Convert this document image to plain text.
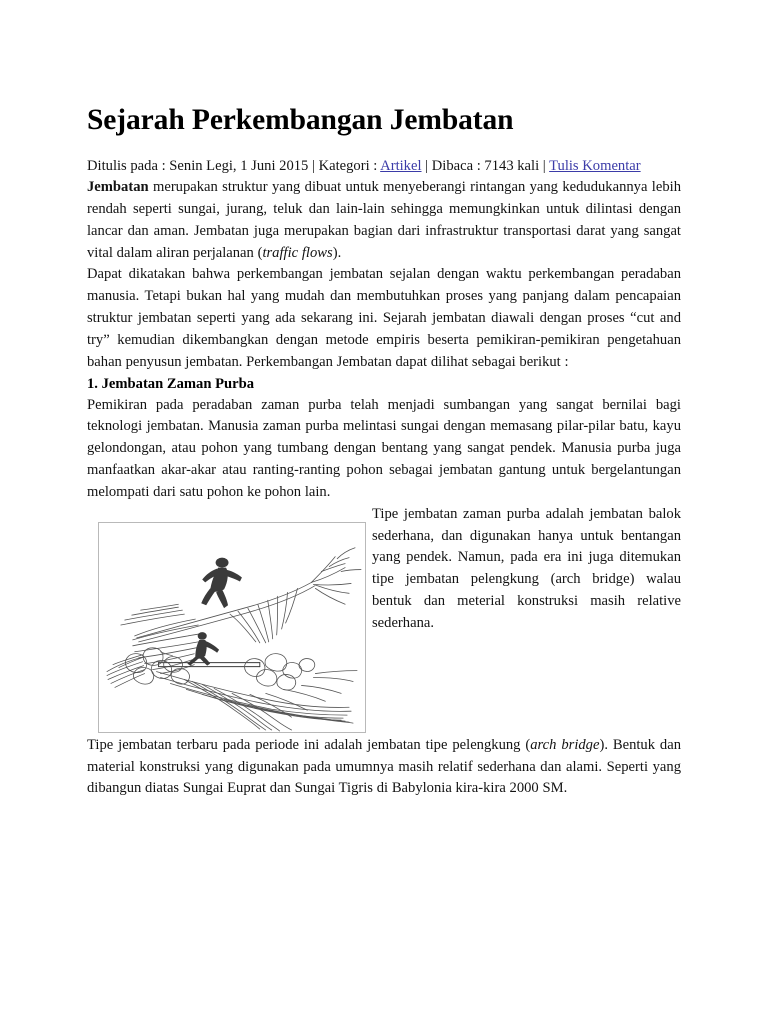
Sejarah Perkembangan Jembatan
Ditulis pada : Senin Legi, 1 Juni 2015 | Kategori : Artikel | Dibaca : 7143 kali | Tulis Komentar

Jembatan merupakan struktur yang dibuat untuk menyeberangi rintangan yang kedudukannya lebih rendah seperti sungai, jurang, teluk dan lain-lain sehingga memungkinkan untuk dilintasi dengan lancar dan aman. Jembatan juga merupakan bagian dari infrastruktur transportasi darat yang sangat vital dalam aliran perjalanan (traffic flows).

Dapat dikatakan bahwa perkembangan jembatan sejalan dengan waktu perkembangan peradaban manusia. Tetapi bukan hal yang mudah dan membutuhkan proses yang panjang dalam pencapaian struktur jembatan seperti yang ada sekarang ini. Sejarah jembatan diawali dengan proses “cut and try” kemudian dikembangkan dengan metode empiris beserta pemikiran-pemikiran pengetahuan bahan penyusun jembatan. Perkembangan Jembatan dapat dilihat sebagai berikut :

1. Jembatan Zaman Purba

Pemikiran pada peradaban zaman purba telah menjadi sumbangan yang sangat bernilai bagi teknologi jembatan. Manusia zaman purba melintasi sungai dengan memasang pilar-pilar batu, kayu gelondongan, atau pohon yang tumbang dengan bentang yang sangat pendek. Manusia purba juga manfaatkan akar-akar atau ranting-ranting pohon sebagai jembatan gantung untuk bergelantungan melompati dari satu pohon ke pohon lain.

Tipe jembatan zaman purba adalah jembatan balok sederhana, dan digunakan hanya untuk bentangan yang pendek. Namun, pada era ini juga ditemukan tipe jembatan pelengkung (arch bridge) walau bentuk dan meterial konstruksi masih relative sederhana.

Tipe jembatan terbaru pada periode ini adalah jembatan tipe pelengkung (arch bridge). Bentuk dan material konstruksi yang digunakan pada umumnya masih relatif sederhana dan alami. Seperti yang dibangun diatas Sungai Euprat dan Sungai Tigris di Babylonia kira-kira 2000 SM.
